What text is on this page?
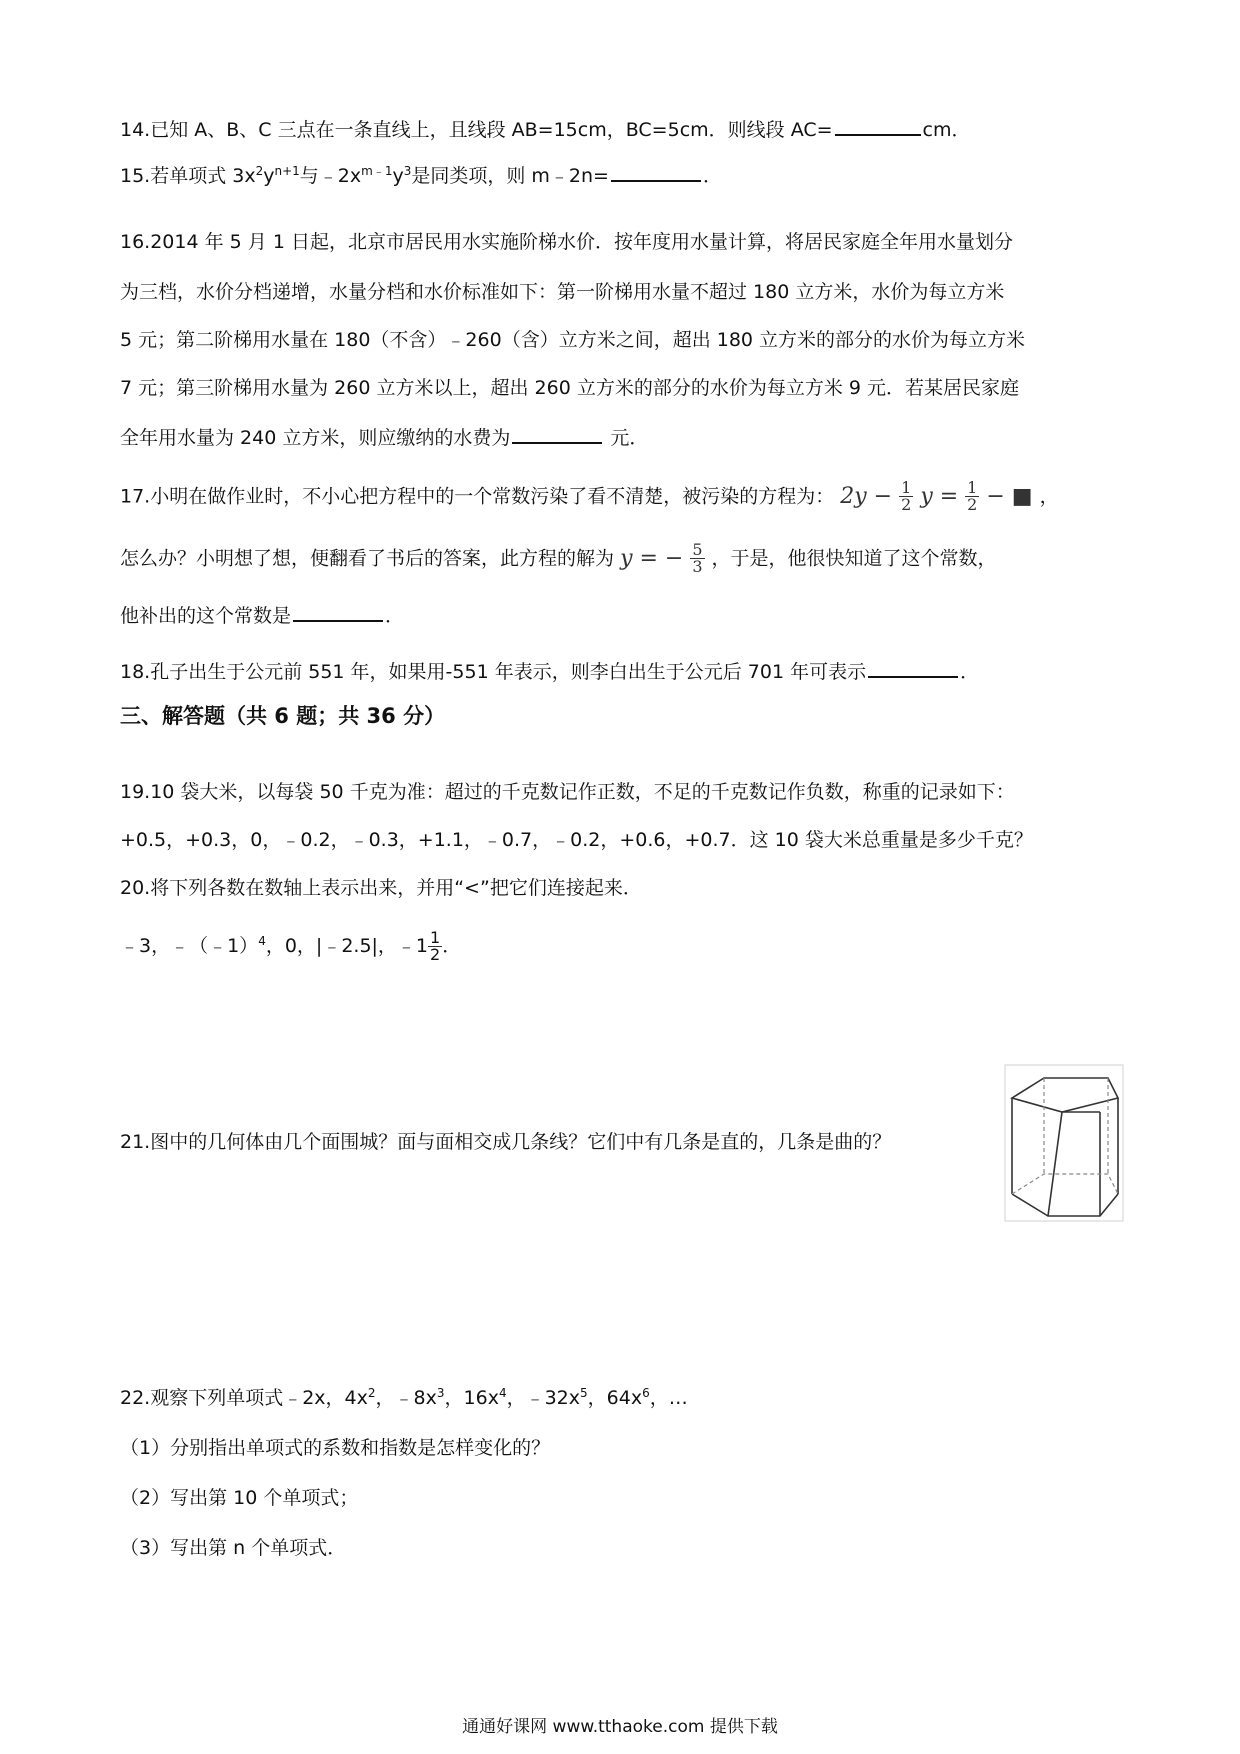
14.已知 A、B、C 三点在一条直线上，且线段 AB=15cm，BC=5cm．则线段 AC=	cm．
15.若单项式 $3x^2y^{n+1}$与$﹣2x^{m﹣1}y^3$是同类项，则 m﹣2n=	．
16.2014 年 5 月 1 日起，北京市居民用水实施阶梯水价．按年度用水量计算，将居民家庭全年用水量划分
为三档，水价分档递增，水量分档和水价标准如下：第一阶梯用水量不超过 180 立方米，水价为每立方米
5 元；第二阶梯用水量在 180（不含）﹣260（含）立方米之间，超出 180 立方米的部分的水价为每立方米
7 元；第三阶梯用水量为 260 立方米以上，超出 260 立方米的部分的水价为每立方米 9 元．若某居民家庭
全年用水量为 240 立方米，则应缴纳的水费为	元．
17.小明在做作业时，不小心把方程中的一个常数污染了看不清楚，被污染的方程为： $2y - \frac{1}{2}$ $y = \frac{1}{2}$ − ■ ，
怎么办？小明想了想，便翻看了书后的答案，此方程的解为 y = − $\frac{5}{3}$ ，于是，他很快知道了这个常数，
他补出的这个常数是	．
18.孔子出生于公元前 551 年，如果用-551 年表示，则李白出生于公元后 701 年可表示	．
三、解答题（共 6 题；共 36 分）
19.10 袋大米，以每袋 50 千克为准：超过的千克数记作正数，不足的千克数记作负数，称重的记录如下：
+0.5，+0.3，0，﹣0.2，﹣0.3，+1.1，﹣0.7，﹣0.2，+0.6，+0.7．这 10 袋大米总重量是多少千克？
20.将下列各数在数轴上表示出来，并用“<”把它们连接起来．
﹣3，﹣（﹣1）$^4$，0，|﹣2.5|，﹣1 $\frac{1}{2}$ ．
21.图中的几何体由几个面围城？面与面相交成几条线？它们中有几条是直的，几条是曲的？
22.观察下列单项式﹣2x，$4x^2$，$﹣8x^3$，$16x^4$，$﹣32x^5$，$64x^6$，…
（1）分别指出单项式的系数和指数是怎样变化的？
（2）写出第 10 个单项式；
（3）写出第 n 个单项式．
通通好课网 www.tthaoke.com 提供下载
